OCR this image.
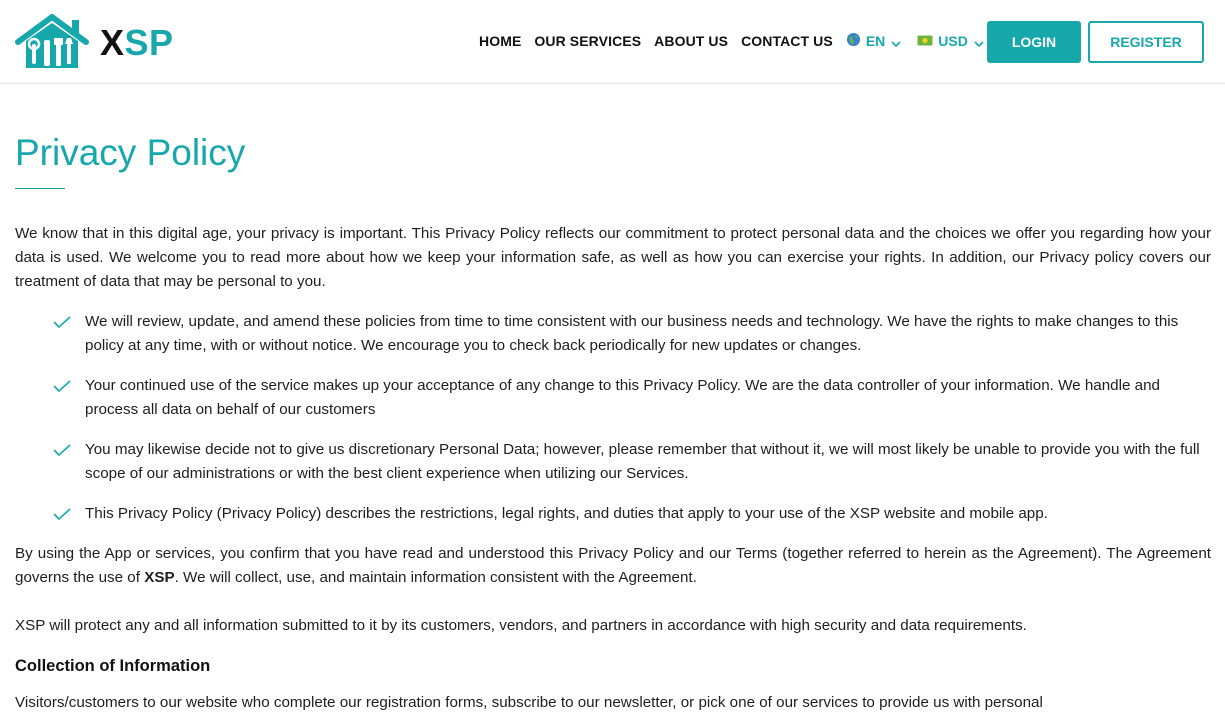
XSP	HOME OUR SERVICES ABOUT US CONTACT US EN	USD	LOGIN	REGISTER
Privacy Policy

We know that in this digital age, your privacy is important. This Privacy Policy reflects our commitment to protect personal data and the choices we offer you regarding how your data is used. We welcome you to read more about how we keep your information safe, as well as how you can exercise your rights. In addition, our Privacy policy covers our treatment of data that may be personal to you.

We will review, update, and amend these policies from time to time consistent with our business needs and technology. We have the rights to make changes to this policy at any time, with or without notice. We encourage you to check back periodically for new updates or changes.
Your continued use of the service makes up your acceptance of any change to this Privacy Policy. We are the data controller of your information. We handle and process all data on behalf of our customers
You may likewise decide not to give us discretionary Personal Data; however, please remember that without it, we will most likely be unable to provide you with the full scope of our administrations or with the best client experience when utilizing our Services.
This Privacy Policy (Privacy Policy) describes the restrictions, legal rights, and duties that apply to your use of the XSP website and mobile app.

By using the App or services, you confirm that you have read and understood this Privacy Policy and our Terms (together referred to herein as the Agreement). The Agreement governs the use of XSP. We will collect, use, and maintain information consistent with the Agreement.

XSP will protect any and all information submitted to it by its customers, vendors, and partners in accordance with high security and data requirements.

Collection of Information

Visitors/customers to our website who complete our registration forms, subscribe to our newsletter, or pick one of our services to provide us with personal
